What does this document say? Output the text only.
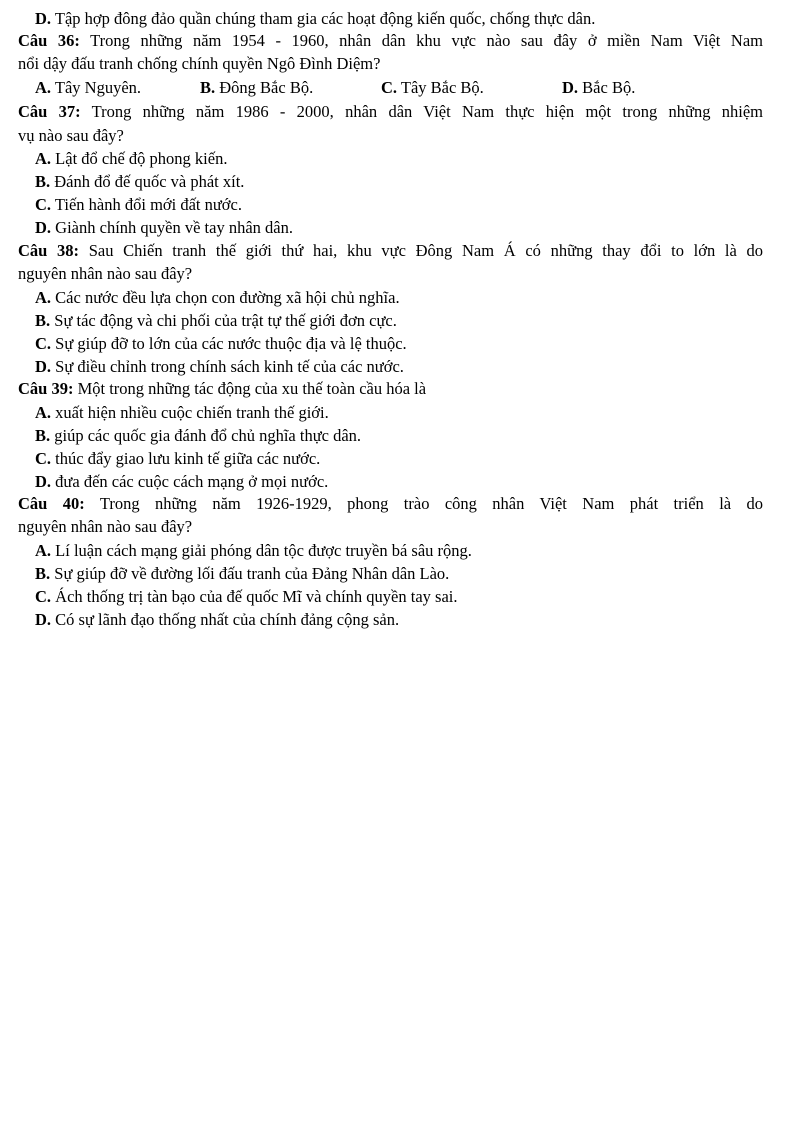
D. Tập hợp đông đảo quần chúng tham gia các hoạt động kiến quốc, chống thực dân.
Câu 36: Trong những năm 1954 - 1960, nhân dân khu vực nào sau đây ở miền Nam Việt Nam
nổi dậy đấu tranh chống chính quyền Ngô Đình Diệm?
A. Tây Nguyên.	B. Đông Bắc Bộ.	C. Tây Bắc Bộ.	D. Bắc Bộ.
Câu 37: Trong những năm 1986 - 2000, nhân dân Việt Nam thực hiện một trong những nhiệm
vụ nào sau đây?
A. Lật đổ chế độ phong kiến.
B. Đánh đổ đế quốc và phát xít.
C. Tiến hành đổi mới đất nước.
D. Giành chính quyền về tay nhân dân.
Câu 38: Sau Chiến tranh thế giới thứ hai, khu vực Đông Nam Á có những thay đổi to lớn là do
nguyên nhân nào sau đây?
A. Các nước đều lựa chọn con đường xã hội chủ nghĩa.
B. Sự tác động và chi phối của trật tự thế giới đơn cực.
C. Sự giúp đỡ to lớn của các nước thuộc địa và lệ thuộc.
D. Sự điều chỉnh trong chính sách kinh tế của các nước.
Câu 39: Một trong những tác động của xu thế toàn cầu hóa là
A. xuất hiện nhiều cuộc chiến tranh thế giới.
B. giúp các quốc gia đánh đổ chủ nghĩa thực dân.
C. thúc đẩy giao lưu kinh tế giữa các nước.
D. đưa đến các cuộc cách mạng ở mọi nước.
Câu 40: Trong những năm 1926-1929, phong trào công nhân Việt Nam phát triển là do
nguyên nhân nào sau đây?
A. Lí luận cách mạng giải phóng dân tộc được truyền bá sâu rộng.
B. Sự giúp đỡ về đường lối đấu tranh của Đảng Nhân dân Lào.
C. Ách thống trị tàn bạo của đế quốc Mĩ và chính quyền tay sai.
D. Có sự lãnh đạo thống nhất của chính đảng cộng sản.
